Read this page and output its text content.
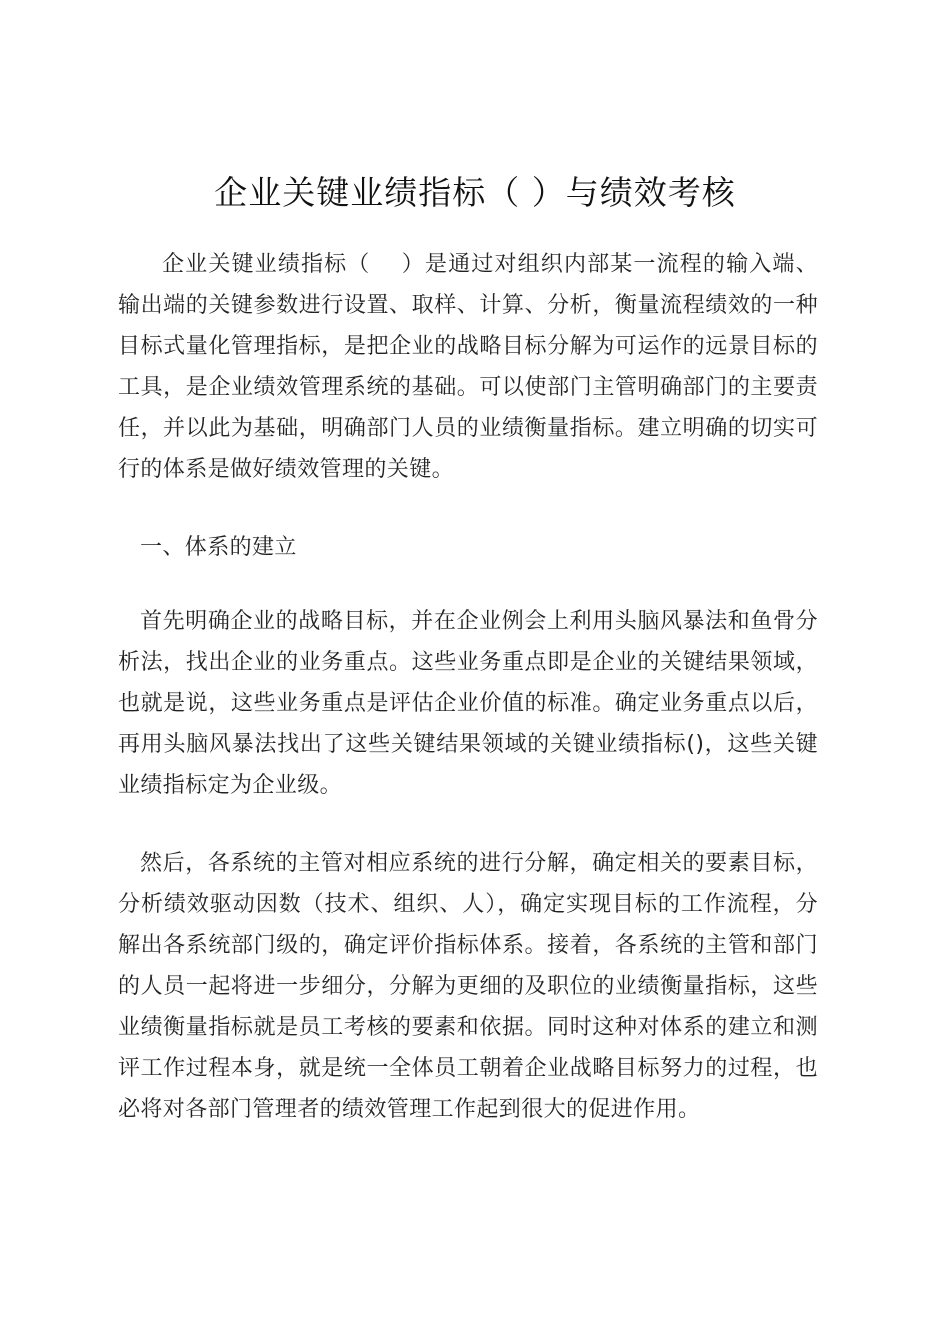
企业关键业绩指标（ ）与绩效考核

企业关键业绩指标（　 ）是通过对组织内部某一流程的输入端、输出端的关键参数进行设置、取样、计算、分析，衡量流程绩效的一种目标式量化管理指标，是把企业的战略目标分解为可运作的远景目标的工具，是企业绩效管理系统的基础。可以使部门主管明确部门的主要责任，并以此为基础，明确部门人员的业绩衡量指标。建立明确的切实可行的体系是做好绩效管理的关键。

一、体系的建立

首先明确企业的战略目标，并在企业例会上利用头脑风暴法和鱼骨分析法，找出企业的业务重点。这些业务重点即是企业的关键结果领域，也就是说，这些业务重点是评估企业价值的标准。确定业务重点以后，再用头脑风暴法找出了这些关键结果领域的关键业绩指标()，这些关键业绩指标定为企业级。

然后，各系统的主管对相应系统的进行分解，确定相关的要素目标，分析绩效驱动因数（技术、组织、人），确定实现目标的工作流程，分解出各系统部门级的，确定评价指标体系。接着，各系统的主管和部门的人员一起将进一步细分，分解为更细的及职位的业绩衡量指标，这些业绩衡量指标就是员工考核的要素和依据。同时这种对体系的建立和测评工作过程本身，就是统一全体员工朝着企业战略目标努力的过程，也必将对各部门管理者的绩效管理工作起到很大的促进作用。
